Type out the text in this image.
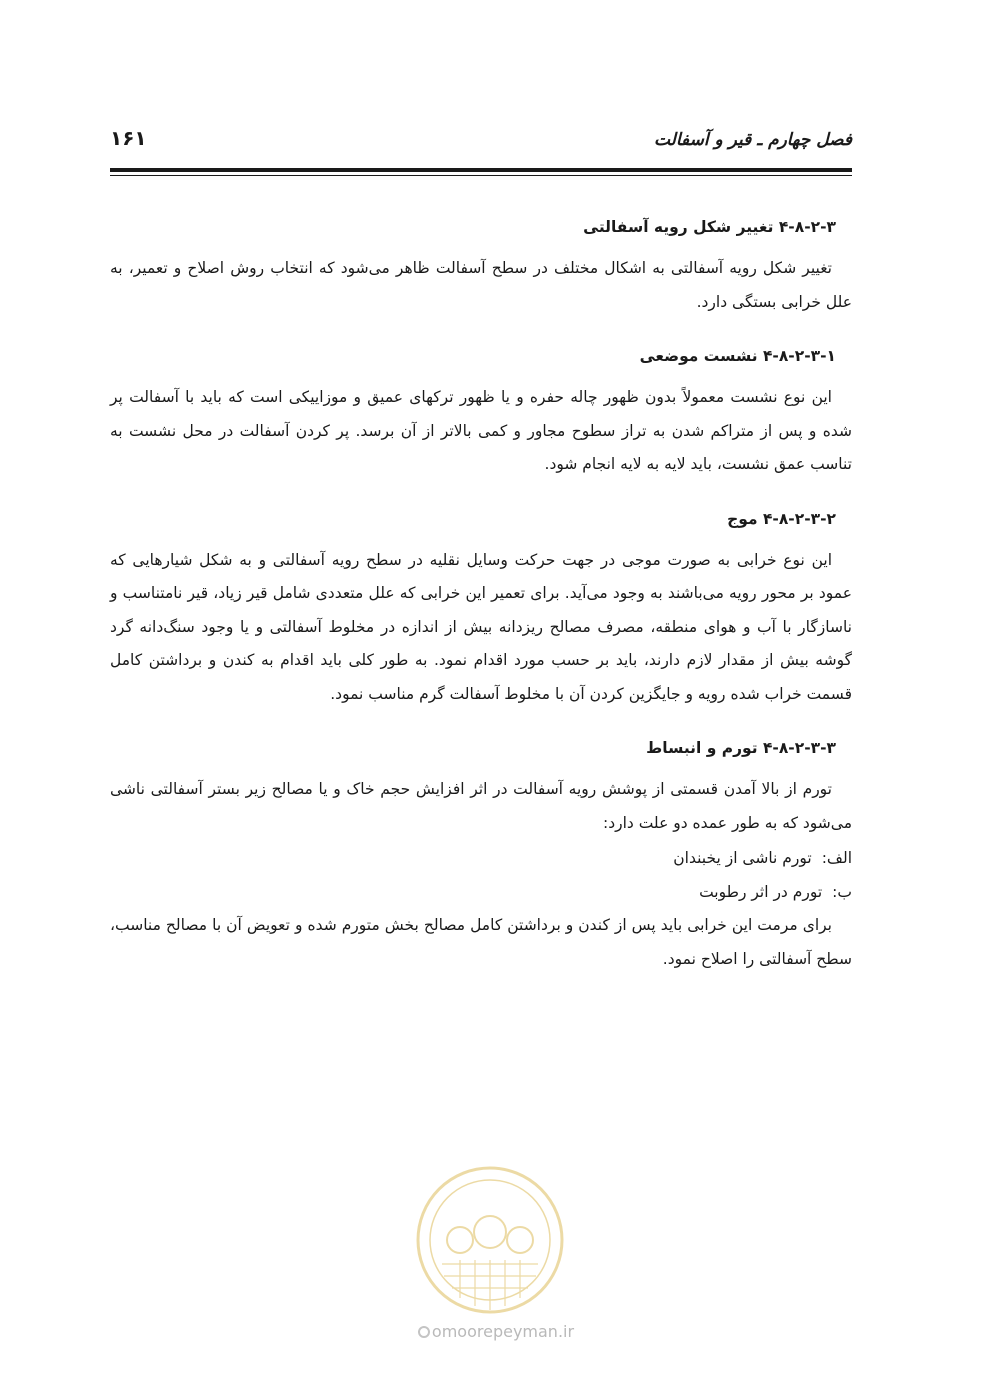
فصل چهارم ـ قیر و آسفالت
۱۶۱
۴-۸-۲-۳ تغییر شکل رویه آسفالتی

تغییر شکل رویه آسفالتی به اشکال مختلف در سطح آسفالت ظاهر می‌شود که انتخاب روش اصلاح و تعمیر، به علل خرابی بستگی دارد.

۴-۸-۲-۳-۱ نشست موضعی

این نوع نشست معمولاً بدون ظهور چاله حفره و یا ظهور ترکهای عمیق و موزاییکی است که باید با آسفالت پر شده و پس از متراکم شدن به تراز سطوح مجاور و کمی بالاتر از آن برسد. پر کردن آسفالت در محل نشست به تناسب عمق نشست، باید لایه به لایه انجام شود.

۴-۸-۲-۳-۲ موج

این نوع خرابی به صورت موجی در جهت حرکت وسایل نقلیه در سطح رویه آسفالتی و به شکل شیارهایی که عمود بر محور رویه می‌باشند به وجود می‌آید. برای تعمیر این خرابی که علل متعددی شامل قیر زیاد، قیر نامتناسب و ناسازگار با آب و هوای منطقه، مصرف مصالح ریزدانه بیش از اندازه در مخلوط آسفالتی و یا وجود سنگ‌دانه گرد گوشه بیش از مقدار لازم دارند، باید بر حسب مورد اقدام نمود. به طور کلی باید اقدام به کندن و برداشتن کامل قسمت خراب شده رویه و جایگزین کردن آن با مخلوط آسفالت گرم مناسب نمود.

۴-۸-۲-۳-۳ تورم و انبساط

تورم از بالا آمدن قسمتی از پوشش رویه آسفالت در اثر افزایش حجم خاک و یا مصالح زیر بستر آسفالتی ناشی می‌شود که به طور عمده دو علت دارد:

الف:تورم ناشی از یخبندان
ب:تورم در اثر رطوبت

برای مرمت این خرابی باید پس از کندن و برداشتن کامل مصالح بخش متورم شده و تعویض آن با مصالح مناسب، سطح آسفالتی را اصلاح نمود.

omoorepeyman.ir
